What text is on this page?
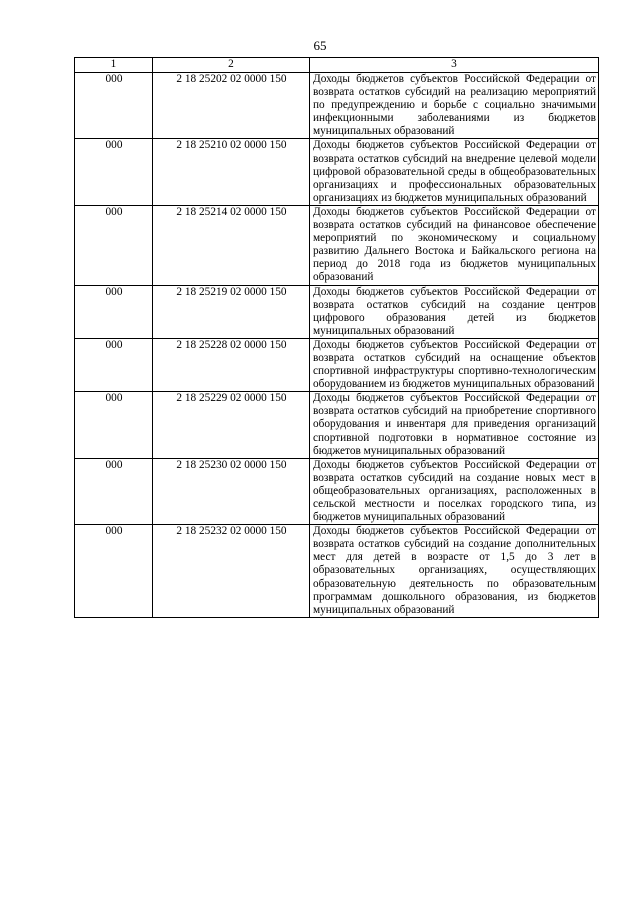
65
1	2	3
000	2 18 25202 02 0000 150	Доходы бюджетов субъектов Российской Федерации от возврата остатков субсидий на реализацию мероприятий по предупреждению и борьбе с социально значимыми инфекционными заболеваниями из бюджетов муниципальных образований
000	2 18 25210 02 0000 150	Доходы бюджетов субъектов Российской Федерации от возврата остатков субсидий на внедрение целевой модели цифровой образовательной среды в общеобразовательных организациях и профессиональных образовательных организациях из бюджетов муниципальных образований
000	2 18 25214 02 0000 150	Доходы бюджетов субъектов Российской Федерации от возврата остатков субсидий на финансовое обеспечение мероприятий по экономическому и социальному развитию Дальнего Востока и Байкальского региона на период до 2018 года из бюджетов муниципальных образований
000	2 18 25219 02 0000 150	Доходы бюджетов субъектов Российской Федерации от возврата остатков субсидий на создание центров цифрового образования детей из бюджетов муниципальных образований
000	2 18 25228 02 0000 150	Доходы бюджетов субъектов Российской Федерации от возврата остатков субсидий на оснащение объектов спортивной инфраструктуры спортивно-технологическим оборудованием из бюджетов муниципальных образований
000	2 18 25229 02 0000 150	Доходы бюджетов субъектов Российской Федерации от возврата остатков субсидий на приобретение спортивного оборудования и инвентаря для приведения организаций спортивной подготовки в нормативное состояние из бюджетов муниципальных образований
000	2 18 25230 02 0000 150	Доходы бюджетов субъектов Российской Федерации от возврата остатков субсидий на создание новых мест в общеобразовательных организациях, расположенных в сельской местности и поселках городского типа, из бюджетов муниципальных образований
000	2 18 25232 02 0000 150	Доходы бюджетов субъектов Российской Федерации от возврата остатков субсидий на создание дополнительных мест для детей в возрасте от 1,5 до 3 лет в образовательных организациях, осуществляющих образовательную деятельность по образовательным программам дошкольного образования, из бюджетов муниципальных образований
